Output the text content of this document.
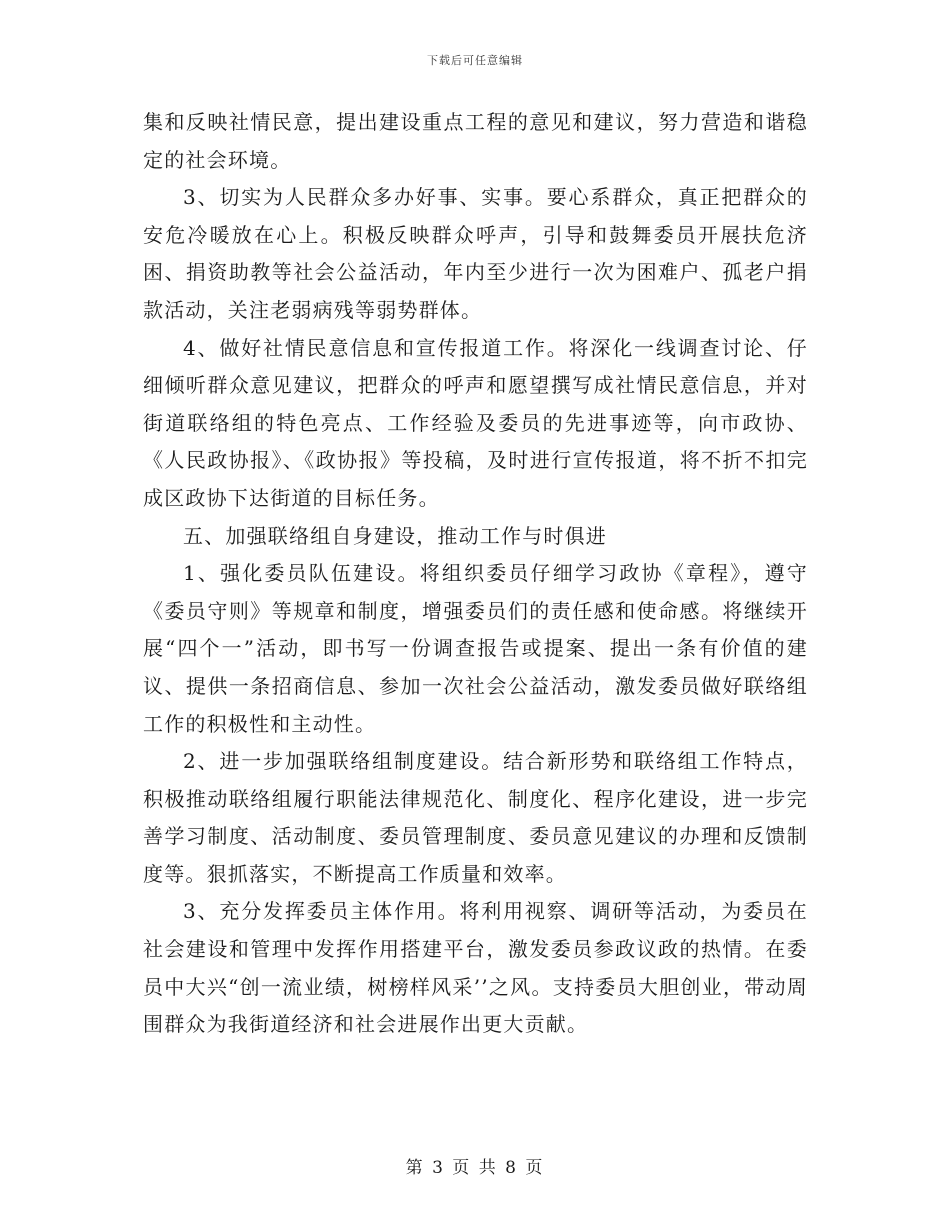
下载后可任意编辑

集和反映社情民意，提出建设重点工程的意见和建议，努力营造和谐稳定的社会环境。

3、切实为人民群众多办好事、实事。要心系群众，真正把群众的安危冷暖放在心上。积极反映群众呼声，引导和鼓舞委员开展扶危济困、捐资助教等社会公益活动，年内至少进行一次为困难户、孤老户捐款活动，关注老弱病残等弱势群体。

4、做好社情民意信息和宣传报道工作。将深化一线调查讨论、仔细倾听群众意见建议，把群众的呼声和愿望撰写成社情民意信息，并对街道联络组的特色亮点、工作经验及委员的先进事迹等，向市政协、《人民政协报》、《政协报》等投稿，及时进行宣传报道，将不折不扣完成区政协下达街道的目标任务。

五、加强联络组自身建设，推动工作与时俱进

1、强化委员队伍建设。将组织委员仔细学习政协《章程》，遵守《委员守则》等规章和制度，增强委员们的责任感和使命感。将继续开展“四个一”活动，即书写一份调查报告或提案、提出一条有价值的建议、提供一条招商信息、参加一次社会公益活动，激发委员做好联络组工作的积极性和主动性。

2、进一步加强联络组制度建设。结合新形势和联络组工作特点，积极推动联络组履行职能法律规范化、制度化、程序化建设，进一步完善学习制度、活动制度、委员管理制度、委员意见建议的办理和反馈制度等。狠抓落实，不断提高工作质量和效率。

3、充分发挥委员主体作用。将利用视察、调研等活动，为委员在社会建设和管理中发挥作用搭建平台，激发委员参政议政的热情。在委员中大兴“创一流业绩，树榜样风采’’之风。支持委员大胆创业，带动周围群众为我街道经济和社会进展作出更大贡献。

第 3 页 共 8 页
